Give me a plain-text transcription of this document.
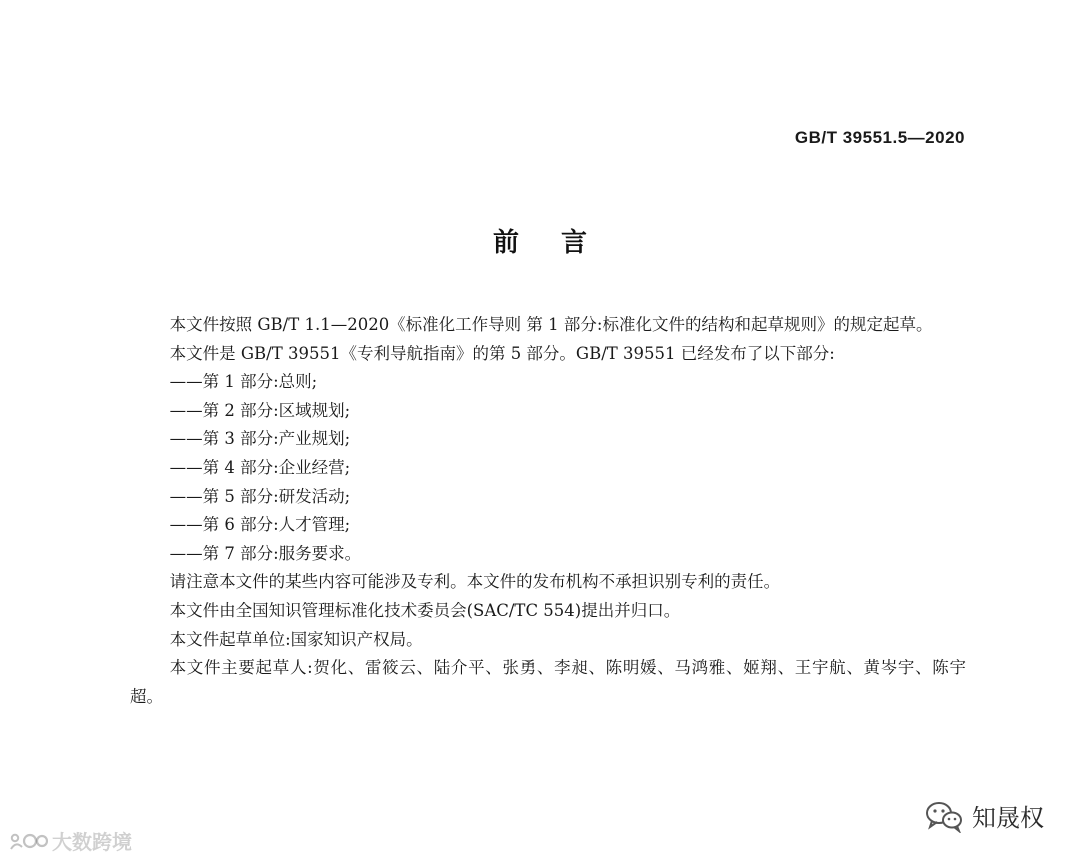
GB/T 39551.5—2020
前言

本文件按照 GB/T 1.1—2020《标准化工作导则 第 1 部分:标准化文件的结构和起草规则》的规定起草。

本文件是 GB/T 39551《专利导航指南》的第 5 部分。GB/T 39551 已经发布了以下部分:

——第 1 部分:总则;

——第 2 部分:区域规划;

——第 3 部分:产业规划;

——第 4 部分:企业经营;

——第 5 部分:研发活动;

——第 6 部分:人才管理;

——第 7 部分:服务要求。

请注意本文件的某些内容可能涉及专利。本文件的发布机构不承担识别专利的责任。

本文件由全国知识管理标准化技术委员会(SAC/TC 554)提出并归口。

本文件起草单位:国家知识产权局。

本文件主要起草人:贺化、雷筱云、陆介平、张勇、李昶、陈明媛、马鸿雅、姬翔、王宇航、黄岑宇、陈宇超。

大数跨境
知晟权
